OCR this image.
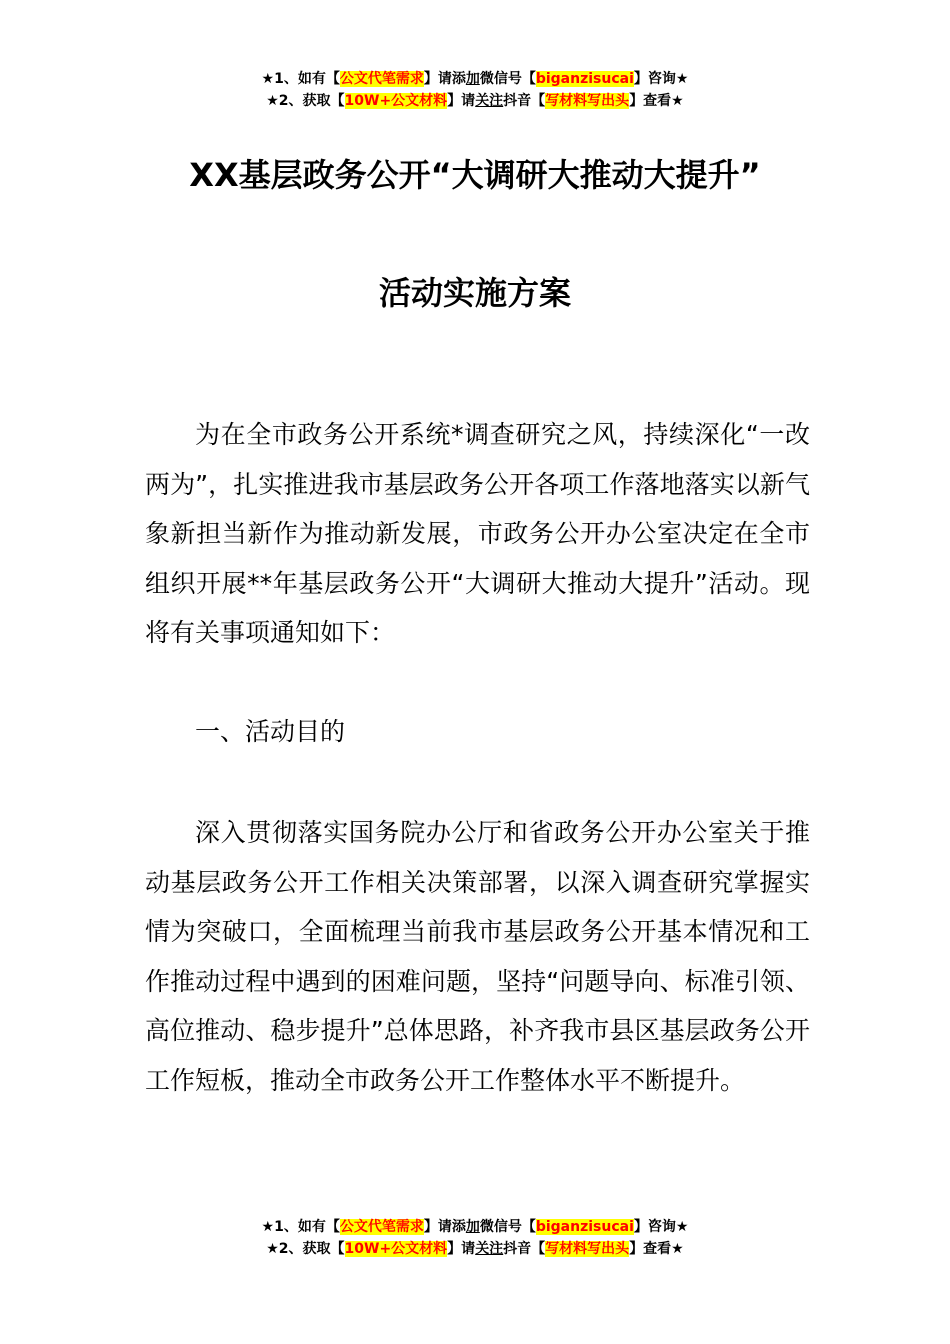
★1、如有【公文代笔需求】请添加微信号【biganzisucai】咨询★
★2、获取【10W+公文材料】请关注抖音【写材料写出头】查看★
XX基层政务公开“大调研大推动大提升”
活动实施方案
为在全市政务公开系统*调查研究之风，持续深化“一改两为”，扎实推进我市基层政务公开各项工作落地落实以新气象新担当新作为推动新发展，市政务公开办公室决定在全市组织开展**年基层政务公开“大调研大推动大提升”活动。现将有关事项通知如下：
一、活动目的
深入贯彻落实国务院办公厅和省政务公开办公室关于推动基层政务公开工作相关决策部署，以深入调查研究掌握实情为突破口，全面梳理当前我市基层政务公开基本情况和工作推动过程中遇到的困难问题，坚持“问题导向、标准引领、高位推动、稳步提升”总体思路，补齐我市县区基层政务公开工作短板，推动全市政务公开工作整体水平不断提升。
★1、如有【公文代笔需求】请添加微信号【biganzisucai】咨询★
★2、获取【10W+公文材料】请关注抖音【写材料写出头】查看★
